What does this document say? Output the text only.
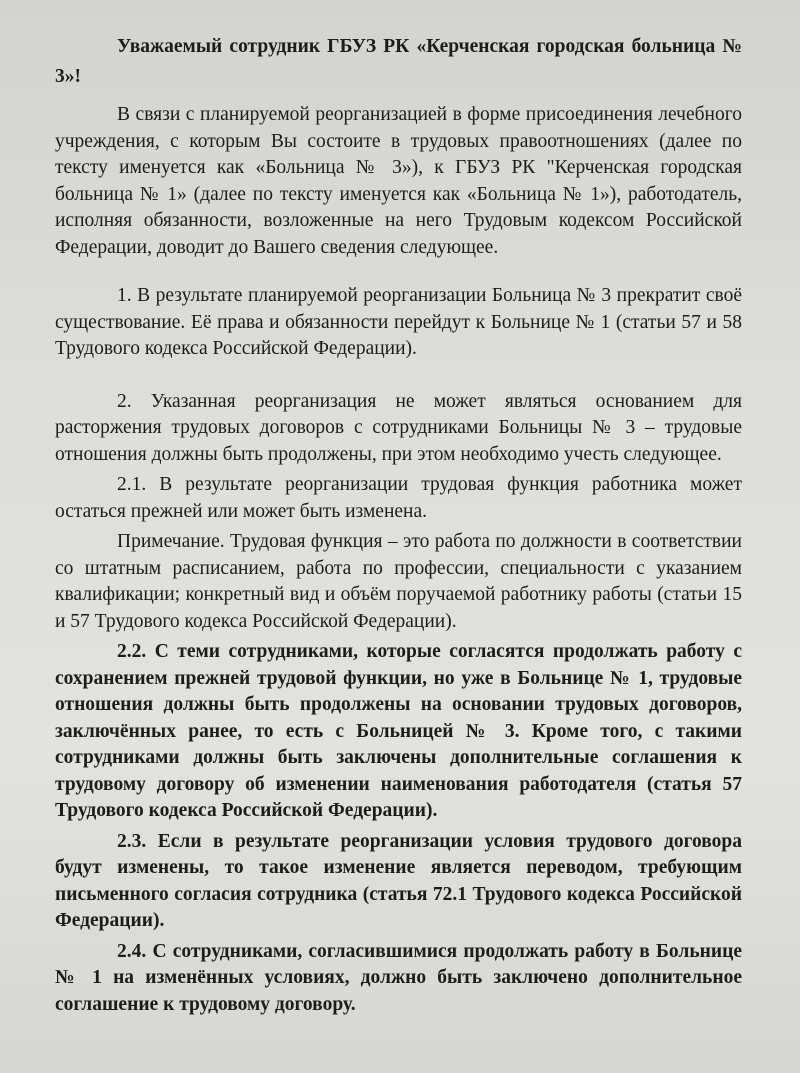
Уважаемый сотрудник ГБУЗ РК «Керченская городская больница № 3»!

В связи с планируемой реорганизацией в форме присоединения лечебного учреждения, с которым Вы состоите в трудовых правоотношениях (далее по тексту именуется как «Больница № 3»), к ГБУЗ РК "Керченская городская больница № 1» (далее по тексту именуется как «Больница № 1»), работодатель, исполняя обязанности, возложенные на него Трудовым кодексом Российской Федерации, доводит до Вашего сведения следующее.

1. В результате планируемой реорганизации Больница № 3 прекратит своё существование. Её права и обязанности перейдут к Больнице № 1 (статьи 57 и 58 Трудового кодекса Российской Федерации).

2. Указанная реорганизация не может являться основанием для расторжения трудовых договоров с сотрудниками Больницы № 3 – трудовые отношения должны быть продолжены, при этом необходимо учесть следующее.

2.1. В результате реорганизации трудовая функция работника может остаться прежней или может быть изменена.

Примечание. Трудовая функция – это работа по должности в соответствии со штатным расписанием, работа по профессии, специальности с указанием квалификации; конкретный вид и объём поручаемой работнику работы (статьи 15 и 57 Трудового кодекса Российской Федерации).

2.2. С теми сотрудниками, которые согласятся продолжать работу с сохранением прежней трудовой функции, но уже в Больнице № 1, трудовые отношения должны быть продолжены на основании трудовых договоров, заключённых ранее, то есть с Больницей № 3. Кроме того, с такими сотрудниками должны быть заключены дополнительные соглашения к трудовому договору об изменении наименования работодателя (статья 57 Трудового кодекса Российской Федерации).

2.3. Если в результате реорганизации условия трудового договора будут изменены, то такое изменение является переводом, требующим письменного согласия сотрудника (статья 72.1 Трудового кодекса Российской Федерации).

2.4. С сотрудниками, согласившимися продолжать работу в Больнице № 1 на изменённых условиях, должно быть заключено дополнительное соглашение к трудовому договору.
